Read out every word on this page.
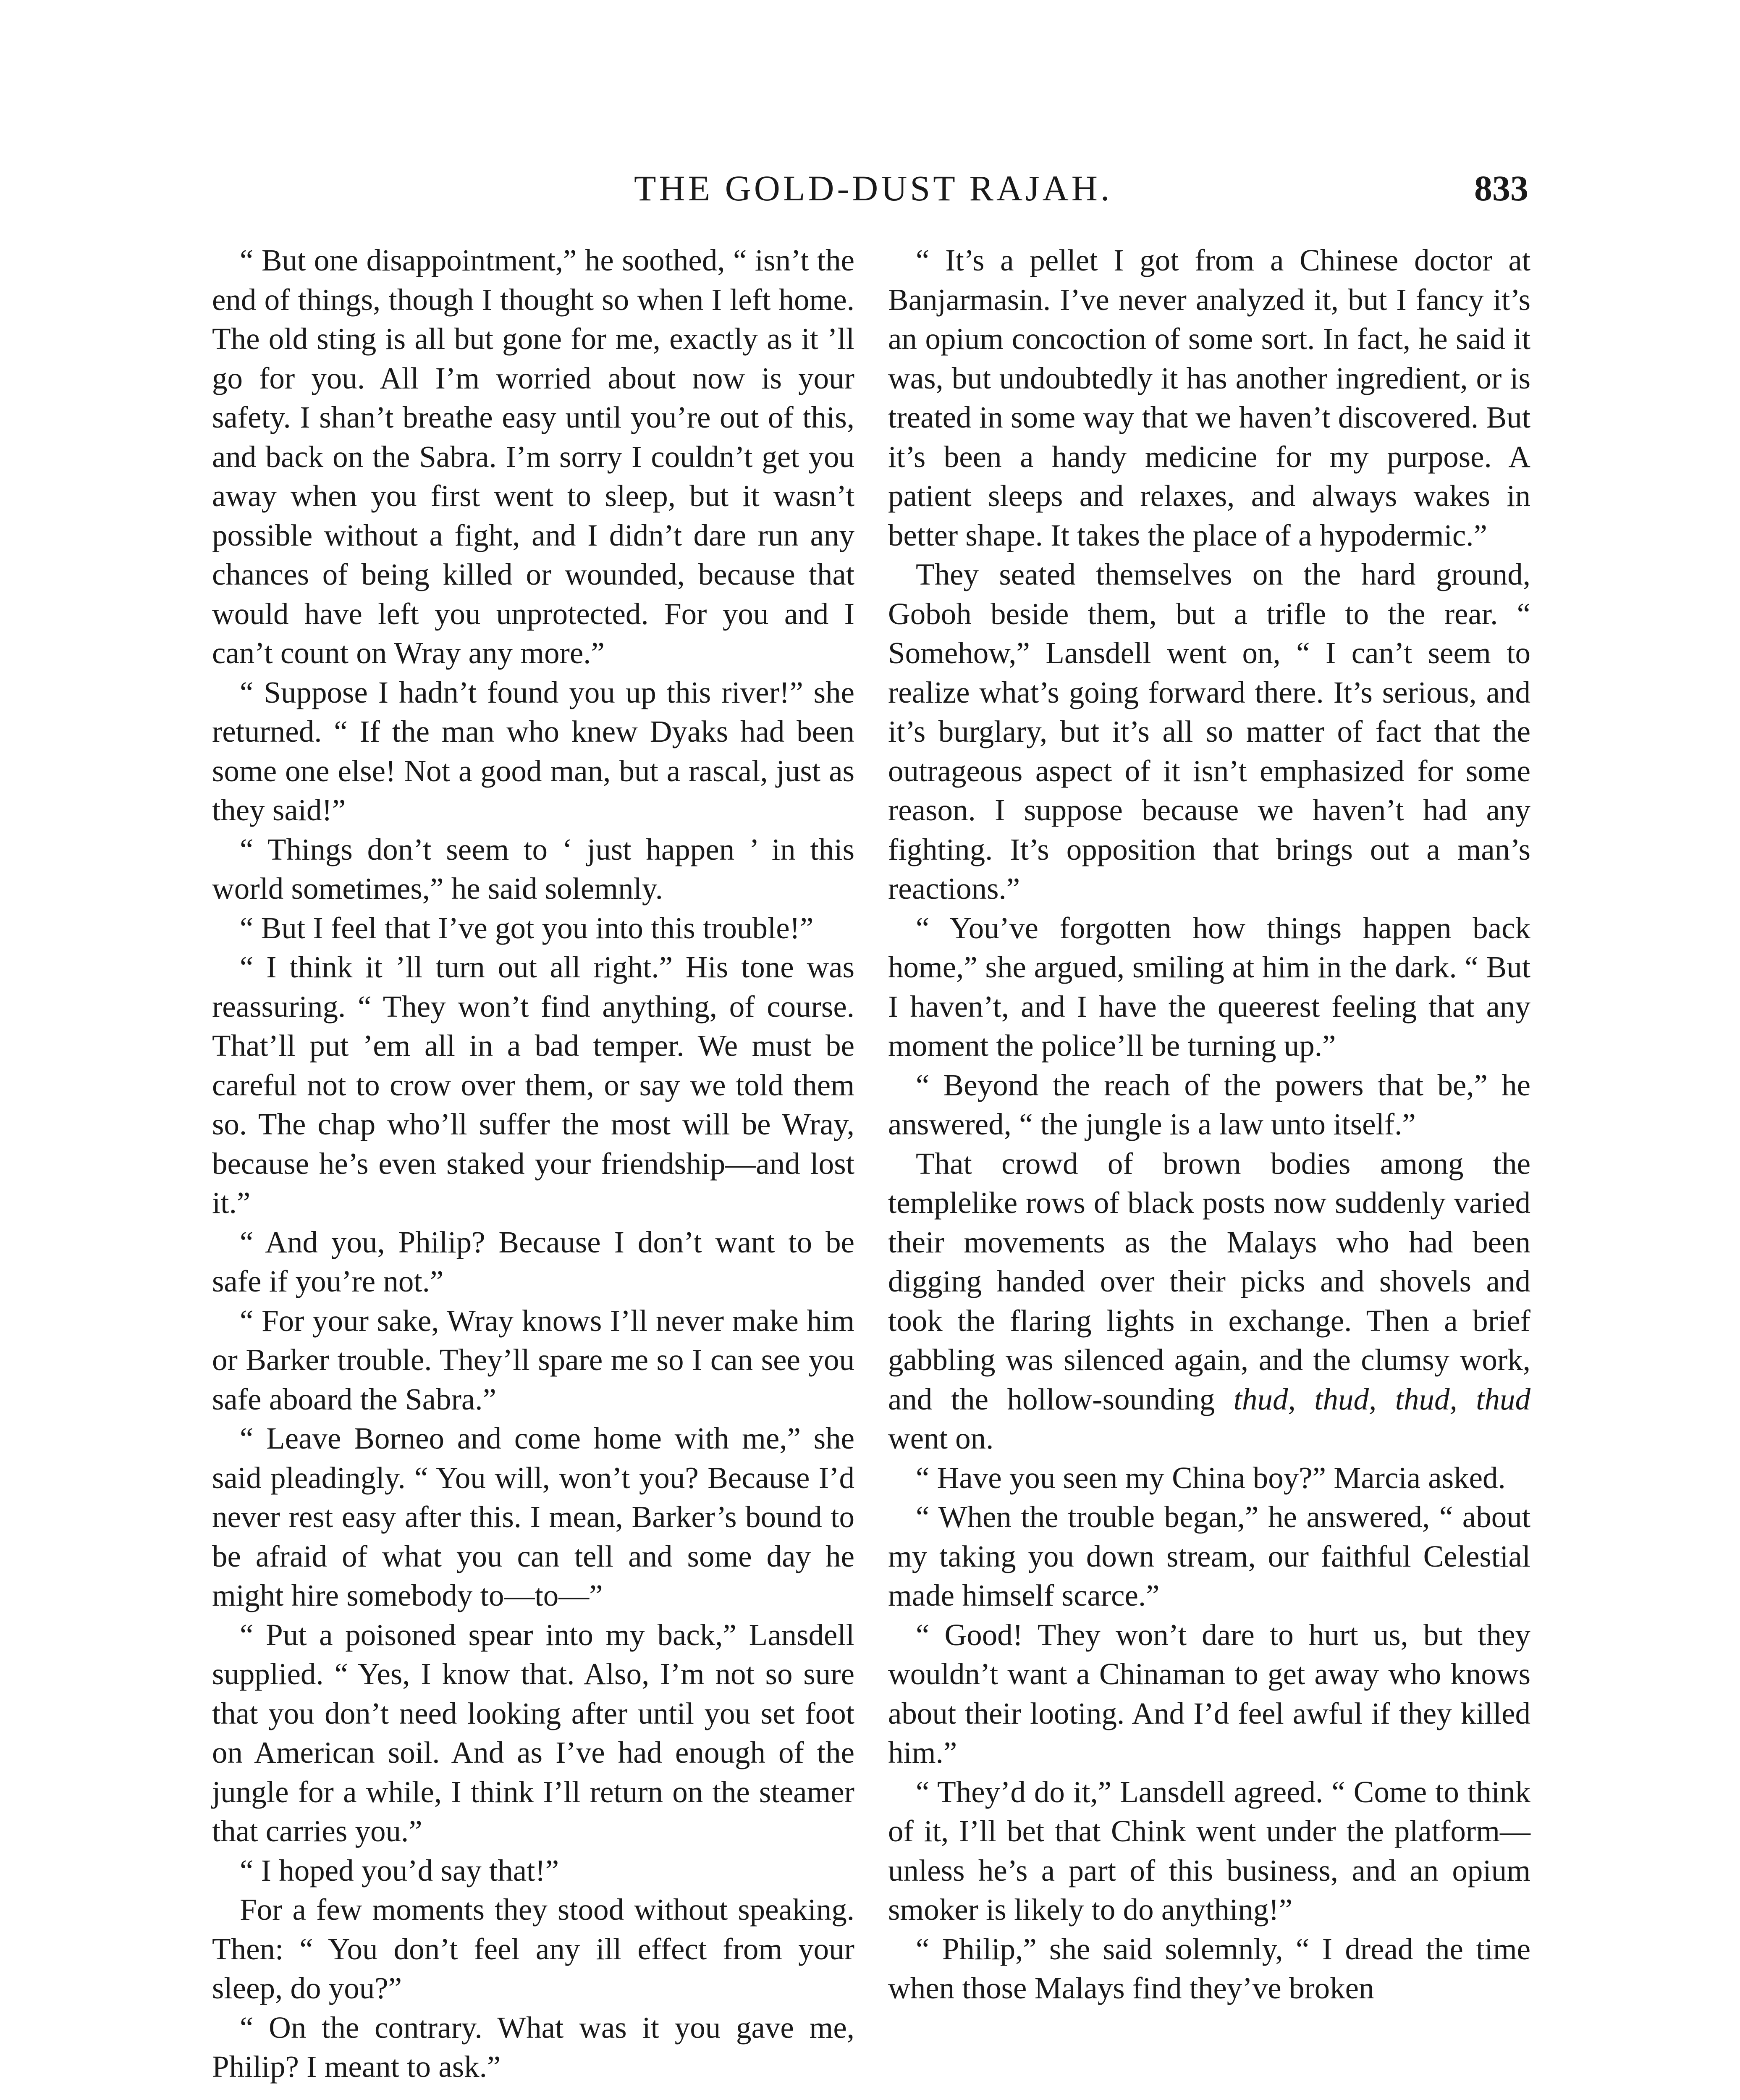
THE GOLD-DUST RAJAH.	833

“ But one disappointment,” he soothed, “ isn’t the end of things, though I thought so when I left home. The old sting is all but gone for me, exactly as it ’ll go for you. All I’m worried about now is your safety. I shan’t breathe easy until you’re out of this, and back on the Sabra. I’m sorry I couldn’t get you away when you first went to sleep, but it wasn’t possible without a fight, and I didn’t dare run any chances of being killed or wounded, because that would have left you unprotected. For you and I can’t count on Wray any more.”

“ Suppose I hadn’t found you up this river!” she returned. “ If the man who knew Dyaks had been some one else! Not a good man, but a rascal, just as they said!”

“ Things don’t seem to ‘ just happen ’ in this world sometimes,” he said solemnly.

“ But I feel that I’ve got you into this trouble!”

“ I think it ’ll turn out all right.” His tone was reassuring. “ They won’t find anything, of course. That’ll put ’em all in a bad temper. We must be careful not to crow over them, or say we told them so. The chap who’ll suffer the most will be Wray, because he’s even staked your friendship—and lost it.”

“ And you, Philip? Because I don’t want to be safe if you’re not.”

“ For your sake, Wray knows I’ll never make him or Barker trouble. They’ll spare me so I can see you safe aboard the Sabra.”

“ Leave Borneo and come home with me,” she said pleadingly. “ You will, won’t you? Because I’d never rest easy after this. I mean, Barker’s bound to be afraid of what you can tell and some day he might hire somebody to—to—”

“ Put a poisoned spear into my back,” Lansdell supplied. “ Yes, I know that. Also, I’m not so sure that you don’t need looking after until you set foot on American soil. And as I’ve had enough of the jungle for a while, I think I’ll return on the steamer that carries you.”

“ I hoped you’d say that!”

For a few moments they stood without speaking. Then: “ You don’t feel any ill effect from your sleep, do you?”

“ On the contrary. What was it you gave me, Philip? I meant to ask.”

“ It’s a pellet I got from a Chinese doctor at Banjarmasin. I’ve never analyzed it, but I fancy it’s an opium concoction of some sort. In fact, he said it was, but undoubtedly it has another ingredient, or is treated in some way that we haven’t discovered. But it’s been a handy medicine for my purpose. A patient sleeps and relaxes, and always wakes in better shape. It takes the place of a hypodermic.”

They seated themselves on the hard ground, Goboh beside them, but a trifle to the rear. “ Somehow,” Lansdell went on, “ I can’t seem to realize what’s going forward there. It’s serious, and it’s burglary, but it’s all so matter of fact that the outrageous aspect of it isn’t emphasized for some reason. I suppose because we haven’t had any fighting. It’s opposition that brings out a man’s reactions.”

“ You’ve forgotten how things happen back home,” she argued, smiling at him in the dark. “ But I haven’t, and I have the queerest feeling that any moment the police’ll be turning up.”

“ Beyond the reach of the powers that be,” he answered, “ the jungle is a law unto itself.”

That crowd of brown bodies among the templelike rows of black posts now suddenly varied their movements as the Malays who had been digging handed over their picks and shovels and took the flaring lights in exchange. Then a brief gabbling was silenced again, and the clumsy work, and the hollow-sounding thud, thud, thud, thud went on.

“ Have you seen my China boy?” Marcia asked.

“ When the trouble began,” he answered, “ about my taking you down stream, our faithful Celestial made himself scarce.”

“ Good! They won’t dare to hurt us, but they wouldn’t want a Chinaman to get away who knows about their looting. And I’d feel awful if they killed him.”

“ They’d do it,” Lansdell agreed. “ Come to think of it, I’ll bet that Chink went under the platform—unless he’s a part of this business, and an opium smoker is likely to do anything!”

“ Philip,” she said solemnly, “ I dread the time when those Malays find they’ve broken
